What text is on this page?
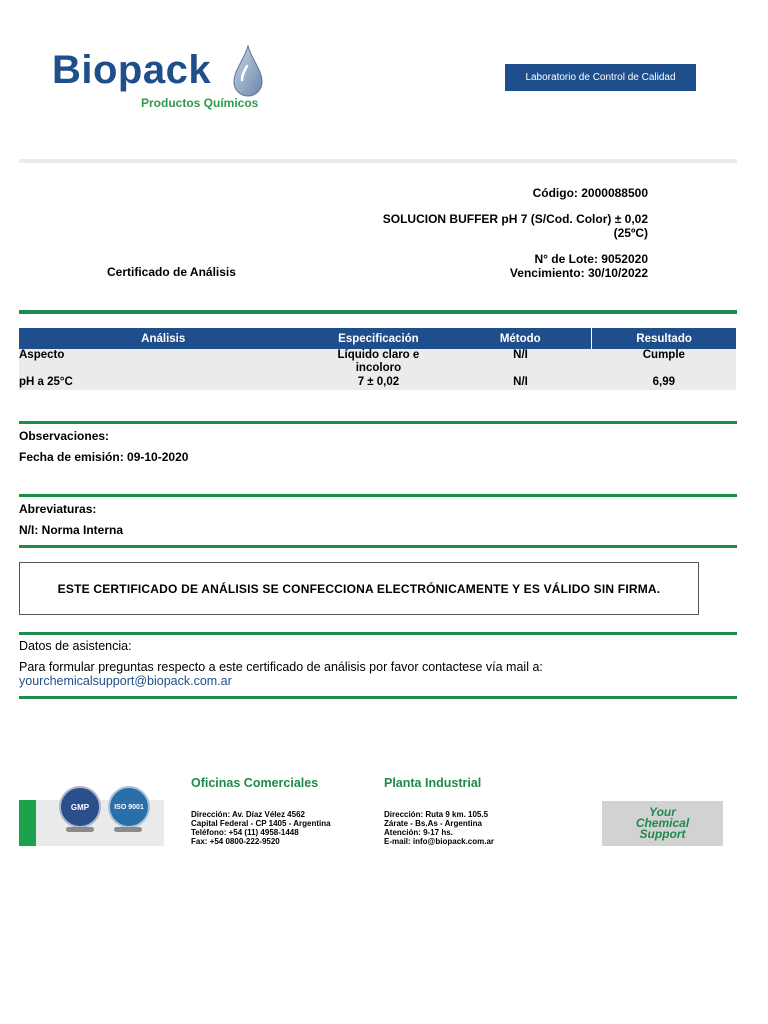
Biopack
Productos Químicos
Laboratorio de Control de Calidad
Código: 2000088500
SOLUCION BUFFER pH 7 (S/Cod. Color) ± 0,02
(25ºC)
N° de Lote: 9052020
Vencimiento: 30/10/2022
Certificado de Análisis
Análisis	Especificación	Método	Resultado
Aspecto	Líquido claro e incoloro	N/I	Cumple
pH a 25°C	7 ± 0,02	N/I	6,99
Observaciones:
Fecha de emisión: 09-10-2020
Abreviaturas:
N/I: Norma Interna
ESTE CERTIFICADO DE ANÁLISIS SE CONFECCIONA ELECTRÓNICAMENTE Y ES VÁLIDO SIN FIRMA.
Datos de asistencia:
Para formular preguntas respecto a este certificado de análisis por favor contactese vía mail a:
yourchemicalsupport@biopack.com.ar
GMP	ISO 9001
Oficinas Comerciales
Dirección: Av. Díaz Vélez 4562
Capital Federal - CP 1405 - Argentina
Teléfono: +54 (11) 4958-1448
Fax: +54 0800-222-9520
Planta Industrial
Dirección: Ruta 9 km. 105.5
Zárate - Bs.As - Argentina
Atención: 9-17 hs.
E-mail: info@biopack.com.ar
Your
Chemical
Support
